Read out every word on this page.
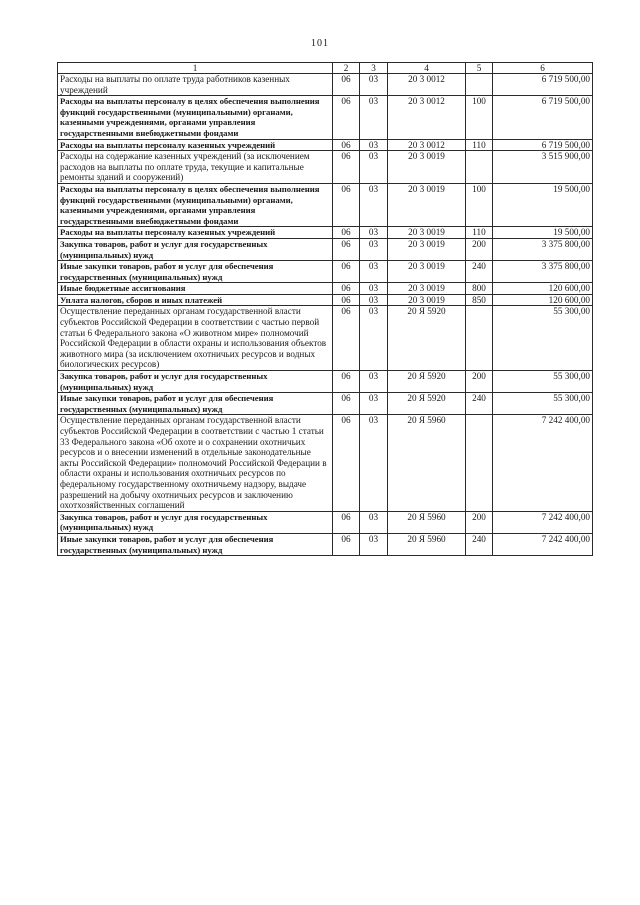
101
1	2	3	4	5	6
Расходы на выплаты по оплате труда работников казенных учреждений	06	03	20 3 0012		6 719 500,00
Расходы на выплаты персоналу в целях обеспечения выполнения функций государственными (муниципальными) органами, казенными учреждениями, органами управления государственными внебюджетными фондами	06	03	20 3 0012	100	6 719 500,00
Расходы на выплаты персоналу казенных учреждений	06	03	20 3 0012	110	6 719 500,00
Расходы на содержание казенных учреждений (за исключением расходов на выплаты по оплате труда, текущие и капитальные ремонты зданий и сооружений)	06	03	20 3 0019		3 515 900,00
Расходы на выплаты персоналу в целях обеспечения выполнения функций государственными (муниципальными) органами, казенными учреждениями, органами управления государственными внебюджетными фондами	06	03	20 3 0019	100	19 500,00
Расходы на выплаты персоналу казенных учреждений	06	03	20 3 0019	110	19 500,00
Закупка товаров, работ и услуг для государственных (муниципальных) нужд	06	03	20 3 0019	200	3 375 800,00
Иные закупки товаров, работ и услуг для обеспечения государственных (муниципальных) нужд	06	03	20 3 0019	240	3 375 800,00
Иные бюджетные ассигнования	06	03	20 3 0019	800	120 600,00
Уплата налогов, сборов и иных платежей	06	03	20 3 0019	850	120 600,00
Осуществление переданных органам государственной власти субъектов Российской Федерации в соответствии с частью первой статьи 6 Федерального закона «О животном мире» полномочий Российской Федерации в области охраны и использования объектов животного мира (за исключением охотничьих ресурсов и водных биологических ресурсов)	06	03	20 Я 5920		55 300,00
Закупка товаров, работ и услуг для государственных (муниципальных) нужд	06	03	20 Я 5920	200	55 300,00
Иные закупки товаров, работ и услуг для обеспечения государственных (муниципальных) нужд	06	03	20 Я 5920	240	55 300,00
Осуществление переданных органам государственной власти субъектов Российской Федерации в соответствии с частью 1 статьи 33 Федерального закона «Об охоте и о сохранении охотничьих ресурсов и о внесении изменений в отдельные законодательные акты Российской Федерации» полномочий Российской Федерации в области охраны и использования охотничьих ресурсов по федеральному государственному охотничьему надзору, выдаче разрешений на добычу охотничьих ресурсов и заключению охотхозяйственных соглашений	06	03	20 Я 5960		7 242 400,00
Закупка товаров, работ и услуг для государственных (муниципальных) нужд	06	03	20 Я 5960	200	7 242 400,00
Иные закупки товаров, работ и услуг для обеспечения государственных (муниципальных) нужд	06	03	20 Я 5960	240	7 242 400,00
